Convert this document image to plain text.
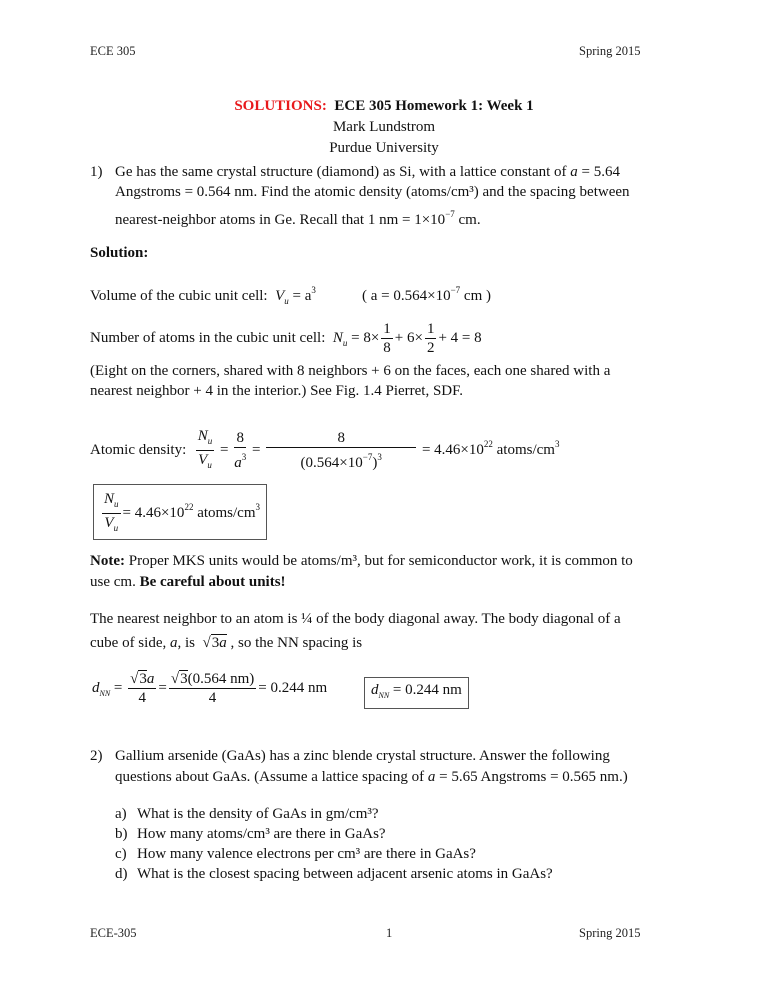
ECE 305	Spring 2015
SOLUTIONS: ECE 305 Homework 1: Week 1
Mark Lundstrom
Purdue University
1) Ge has the same crystal structure (diamond) as Si, with a lattice constant of a = 5.64
Angstroms = 0.564 nm. Find the atomic density (atoms/cm³) and the spacing between
nearest-neighbor atoms in Ge. Recall that 1 nm = $1\times 10^{-7}$ cm.
Solution:
Volume of the cubic unit cell: $V_u = a^3$	( $a = 0.564\times 10^{-7}$ cm )
Number of atoms in the cubic unit cell: $N_u = 8\times \frac{1}{8} + 6\times \frac{1}{2} + 4 = 8$
(Eight on the corners, shared with 8 neighbors + 6 on the faces, each one shared with a
nearest neighbor + 4 in the interior.) See Fig. 1.4 Pierret, SDF.
Atomic density: $\frac{N_u}{V_u} = \frac{8}{a^3} = \frac{8}{(0.564\times 10^{-7})^3} = 4.46\times 10^{22}$ atoms/$cm^3$
$\frac{N_u}{V_u} = 4.46\times 10^{22}$ atoms/$cm^3$
Note: Proper MKS units would be atoms/m³, but for semiconductor work, it is common to
use cm. Be careful about units!
The nearest neighbor to an atom is ¼ of the body diagonal away. The body diagonal of a
cube of side, a, is  √3a , so the NN spacing is
$d_{NN} = \frac{√3a}{4} = \frac{√3(0.564 nm)}{4} = 0.244$ nm	$d_{NN} = 0.244$ nm
2) Gallium arsenide (GaAs) has a zinc blende crystal structure. Answer the following
questions about GaAs. (Assume a lattice spacing of a = 5.65 Angstroms = 0.565 nm.)
a) What is the density of GaAs in gm/cm³?
b) How many atoms/cm³ are there in GaAs?
c) How many valence electrons per cm³ are there in GaAs?
d) What is the closest spacing between adjacent arsenic atoms in GaAs?
ECE-305	1	Spring 2015
